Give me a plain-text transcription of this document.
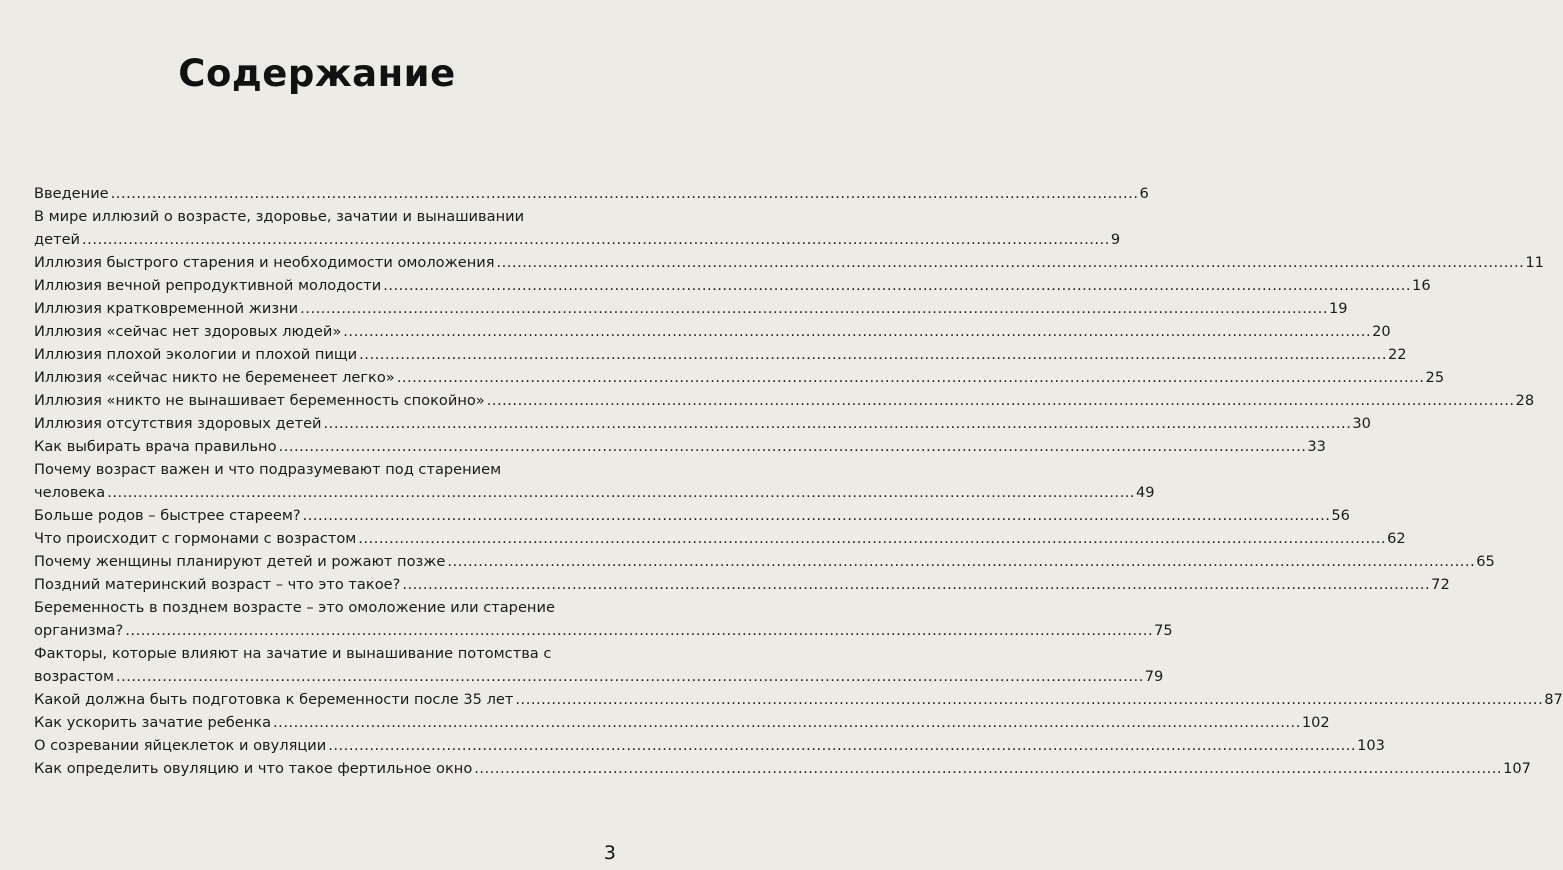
Содержание
Введение ........................................................................................................................................................................................................ 6
В мире иллюзий о возрасте, здоровье, зачатии и вынашивании
детей ........................................................................................................................................................................................................ 9
Иллюзия быстрого старения и необходимости омоложения ........................................................................................................................................................................................................ 11
Иллюзия вечной репродуктивной молодости ........................................................................................................................................................................................................ 16
Иллюзия кратковременной жизни ........................................................................................................................................................................................................ 19
Иллюзия «сейчас нет здоровых людей» ........................................................................................................................................................................................................ 20
Иллюзия плохой экологии и плохой пищи ........................................................................................................................................................................................................ 22
Иллюзия «сейчас никто не беременеет легко» ........................................................................................................................................................................................................ 25
Иллюзия «никто не вынашивает беременность спокойно» ........................................................................................................................................................................................................ 28
Иллюзия отсутствия здоровых детей ........................................................................................................................................................................................................ 30
Как выбирать врача правильно ........................................................................................................................................................................................................ 33
Почему возраст важен и что подразумевают под старением
человека ........................................................................................................................................................................................................ 49
Больше родов – быстрее стареем? ........................................................................................................................................................................................................ 56
Что происходит с гормонами с возрастом ........................................................................................................................................................................................................ 62
Почему женщины планируют детей и рожают позже ........................................................................................................................................................................................................ 65
Поздний материнский возраст – что это такое? ........................................................................................................................................................................................................ 72
Беременность в позднем возрасте – это омоложение или старение
организма? ........................................................................................................................................................................................................ 75
Факторы, которые влияют на зачатие и вынашивание потомства с
возрастом ........................................................................................................................................................................................................ 79
Какой должна быть подготовка к беременности после 35 лет ........................................................................................................................................................................................................ 87
Как ускорить зачатие ребенка ........................................................................................................................................................................................................ 102
О созревании яйцеклеток и овуляции ........................................................................................................................................................................................................ 103
Как определить овуляцию и что такое фертильное окно ........................................................................................................................................................................................................ 107
3
